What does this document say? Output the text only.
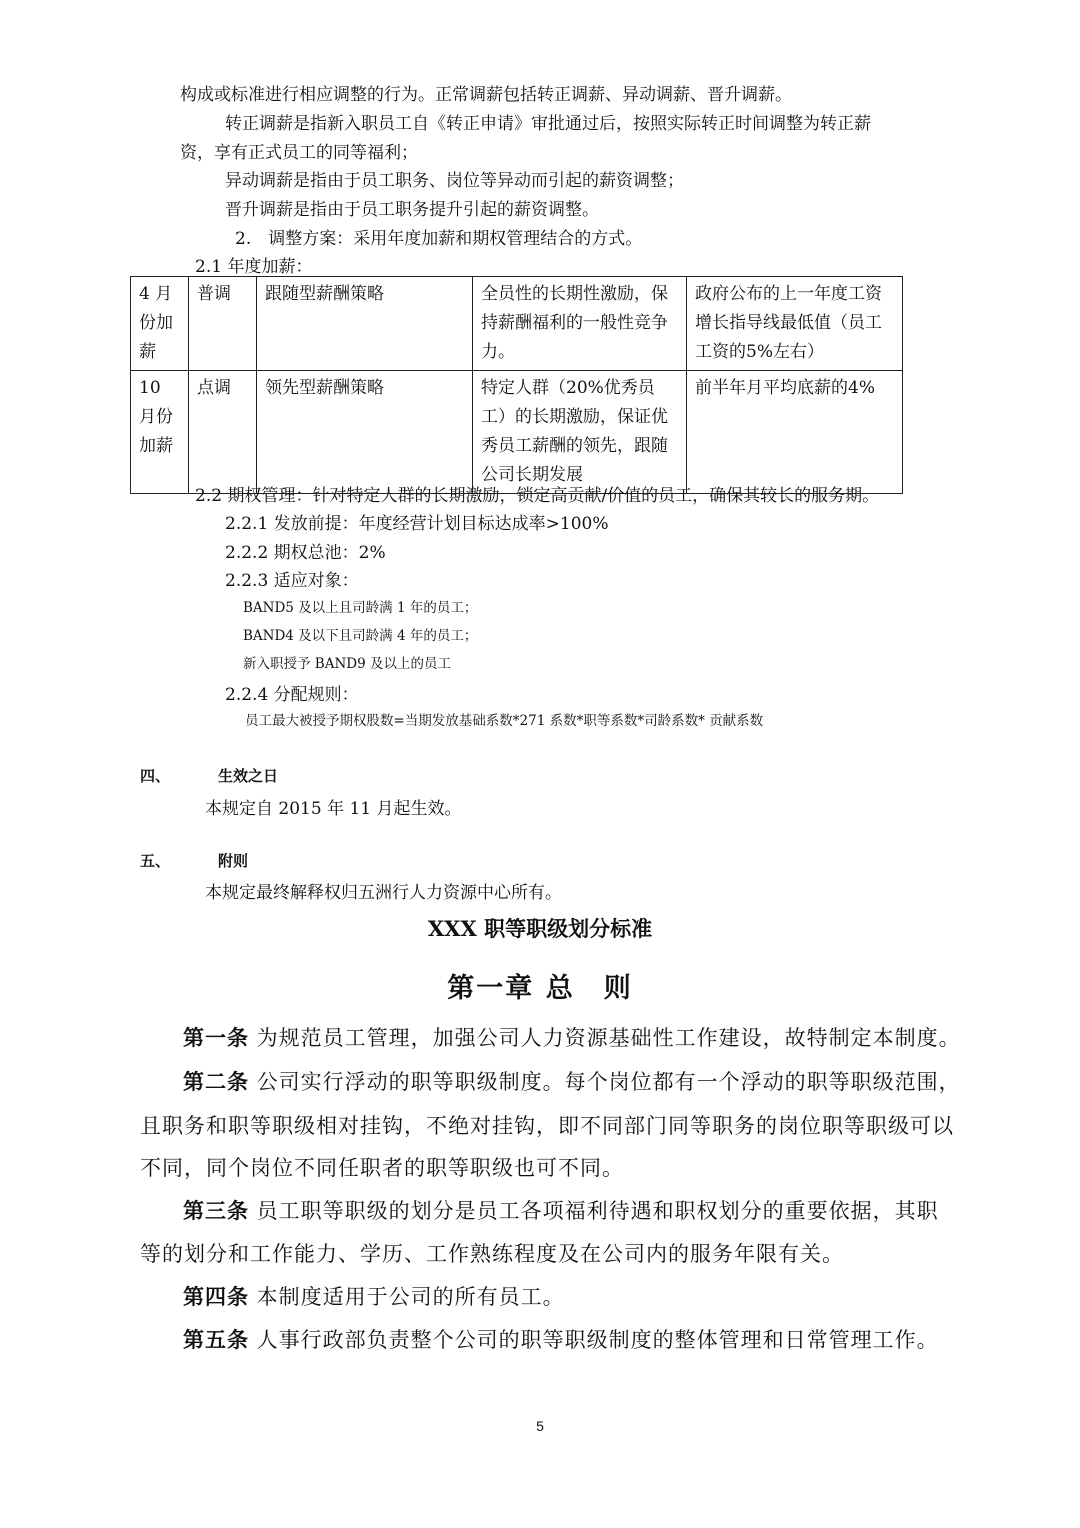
构成或标准进行相应调整的行为。正常调薪包括转正调薪、异动调薪、晋升调薪。
转正调薪是指新入职员工自《转正申请》审批通过后，按照实际转正时间调整为转正薪
资，享有正式员工的同等福利；
异动调薪是指由于员工职务、岗位等异动而引起的薪资调整；
晋升调薪是指由于员工职务提升引起的薪资调整。
2.　调整方案：采用年度加薪和期权管理结合的方式。
2.1 年度加薪：
4 月份加薪	普调	跟随型薪酬策略	全员性的长期性激励，保持薪酬福利的一般性竞争力。	政府公布的上一年度工资增长指导线最低值（员工工资的5%左右）
10 月份加薪	点调	领先型薪酬策略	特定人群（20%优秀员工）的长期激励，保证优秀员工薪酬的领先，跟随公司长期发展	前半年月平均底薪的4%
2.2 期权管理：针对特定人群的长期激励，锁定高贡献/价值的员工，确保其较长的服务期。
2.2.1 发放前提：年度经营计划目标达成率>100%
2.2.2 期权总池：2%
2.2.3 适应对象：
BAND5 及以上且司龄满 1 年的员工；
BAND4 及以下且司龄满 4 年的员工；
新入职授予 BAND9 及以上的员工
2.2.4 分配规则：
员工最大被授予期权股数=当期发放基础系数*271 系数*职等系数*司龄系数* 贡献系数
四、	生效之日
本规定自 2015 年 11 月起生效。
五、	附则
本规定最终解释权归五洲行人力资源中心所有。
XXX 职等职级划分标准
第一章 总　则
第一条 为规范员工管理，加强公司人力资源基础性工作建设，故特制定本制度。
第二条 公司实行浮动的职等职级制度。每个岗位都有一个浮动的职等职级范围，
且职务和职等职级相对挂钩，不绝对挂钩，即不同部门同等职务的岗位职等职级可以
不同，同个岗位不同任职者的职等职级也可不同。
第三条 员工职等职级的划分是员工各项福利待遇和职权划分的重要依据，其职
等的划分和工作能力、学历、工作熟练程度及在公司内的服务年限有关。
第四条 本制度适用于公司的所有员工。
第五条 人事行政部负责整个公司的职等职级制度的整体管理和日常管理工作。
5
